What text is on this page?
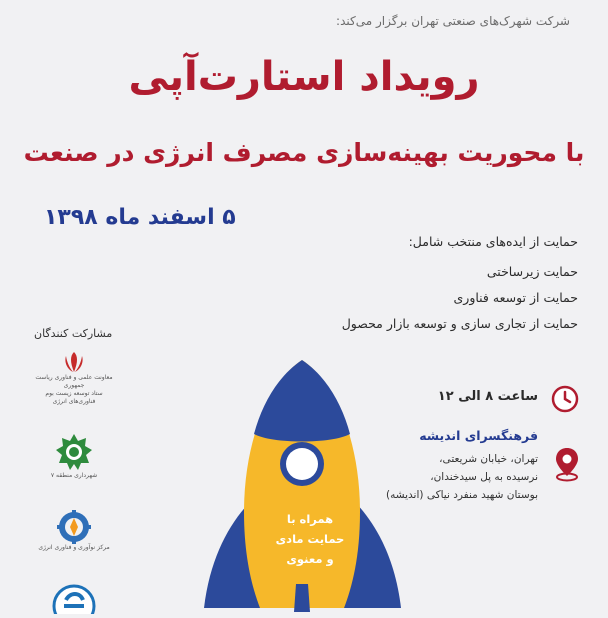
شرکت شهرک‌های صنعتی تهران برگزار می‌کند:
رویداد استارت‌آپی
با محوریت بهینه‌سازی مصرف انرژی در صنعت
۵ اسفند ماه ۱۳۹۸
حمایت از ایده‌های منتخب شامل:
حمایت زیرساختی
حمایت از توسعه فناوری
حمایت از تجاری سازی و توسعه بازار محصول
مشارکت کنندگان
معاونت علمی و فناوری ریاست جمهوری
ستاد توسعه زیست بوم فناوری‌های انرژی
شهرداری منطقه ۷
مرکز نوآوری و فناوری انرژی
همراه با
حمایت مادی
و معنوی
ساعت ۸ الی ۱۲
فرهنگسرای اندیشه
تهران، خیابان شریعتی،
نرسیده به پل سیدخندان،
بوستان شهید منفرد نیاکی (اندیشه)
